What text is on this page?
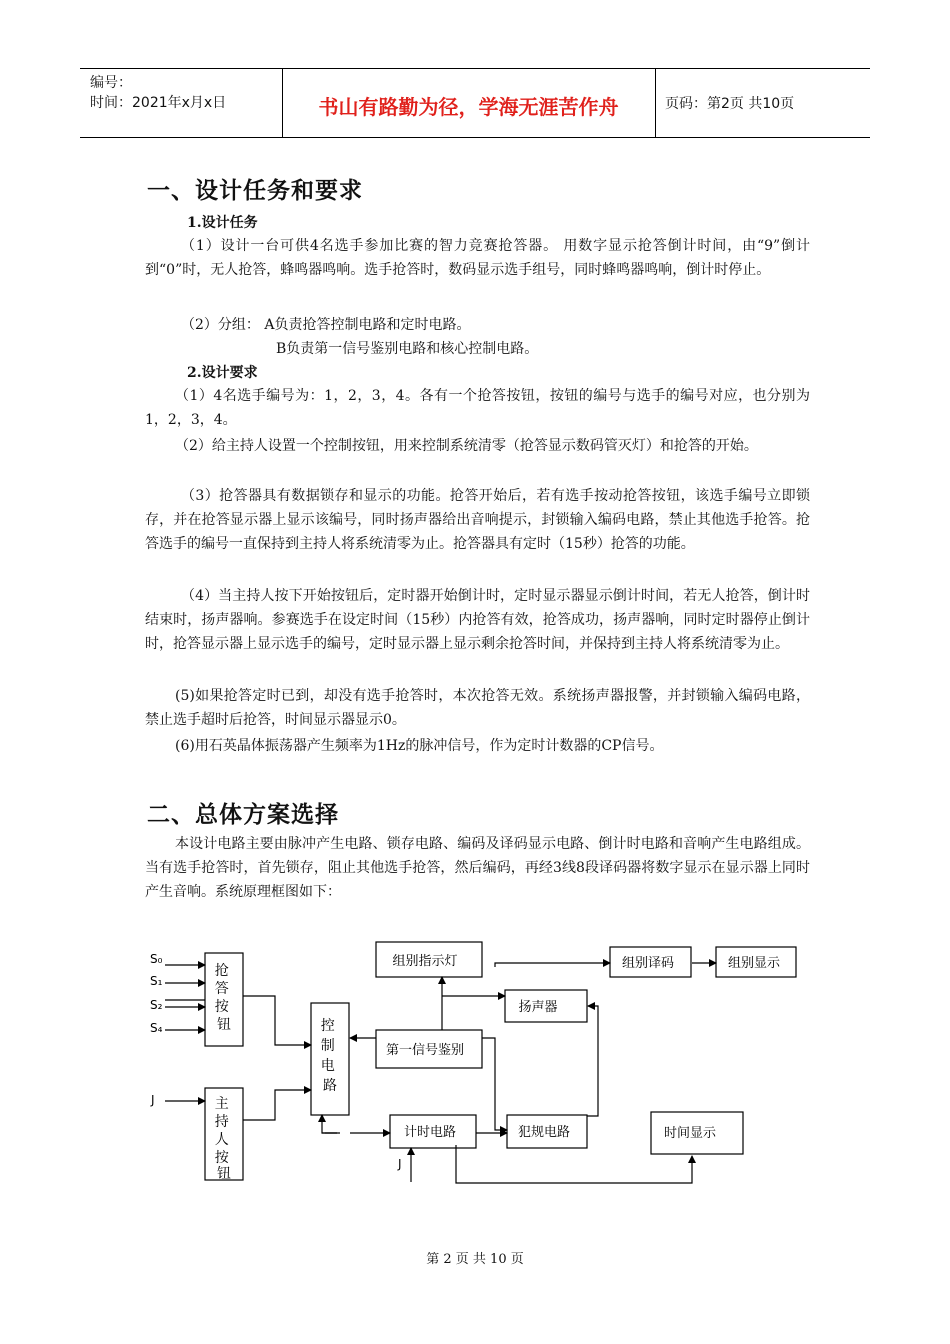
编号：
时间：2021年x月x日	书山有路勤为径，学海无涯苦作舟	页码：第2页 共10页
一、设计任务和要求
1.设计任务

（1）设计一台可供4名选手参加比赛的智力竞赛抢答器。 用数字显示抢答倒计时间，由“9”倒计到“0”时，无人抢答，蜂鸣器鸣响。选手抢答时，数码显示选手组号，同时蜂鸣器鸣响，倒计时停止。

（2）分组： A负责抢答控制电路和定时电路。
B负责第一信号鉴别电路和核心控制电路。
2.设计要求

（1）4名选手编号为：1，2，3，4。各有一个抢答按钮，按钮的编号与选手的编号对应，也分别为1，2，3，4。

（2）给主持人设置一个控制按钮，用来控制系统清零（抢答显示数码管灭灯）和抢答的开始。

（3）抢答器具有数据锁存和显示的功能。抢答开始后，若有选手按动抢答按钮，该选手编号立即锁存，并在抢答显示器上显示该编号，同时扬声器给出音响提示，封锁输入编码电路，禁止其他选手抢答。抢答选手的编号一直保持到主持人将系统清零为止。抢答器具有定时（15秒）抢答的功能。

（4）当主持人按下开始按钮后，定时器开始倒计时，定时显示器显示倒计时间，若无人抢答，倒计时结束时，扬声器响。参赛选手在设定时间（15秒）内抢答有效，抢答成功，扬声器响，同时定时器停止倒计时，抢答显示器上显示选手的编号，定时显示器上显示剩余抢答时间，并保持到主持人将系统清零为止。

(5)如果抢答定时已到，却没有选手抢答时，本次抢答无效。系统扬声器报警，并封锁输入编码电路，禁止选手超时后抢答，时间显示器显示0。

(6)用石英晶体振荡器产生频率为1Hz的脉冲信号，作为定时计数器的CP信号。

二、总体方案选择

本设计电路主要由脉冲产生电路、锁存电路、编码及译码显示电路、倒计时电路和音响产生电路组成。当有选手抢答时，首先锁存，阻止其他选手抢答，然后编码，再经3线8段译码器将数字显示在显示器上同时产生音响。系统原理框图如下：

S₀
S₁
S₂
S₄
J
J
抢 答 按 钮
主 持 人 按 钮
控 制 电 路
组别指示灯	组别译码	组别显示
扬声器
第一信号鉴别
计时电路	犯规电路	时间显示
第 2 页 共 10 页
